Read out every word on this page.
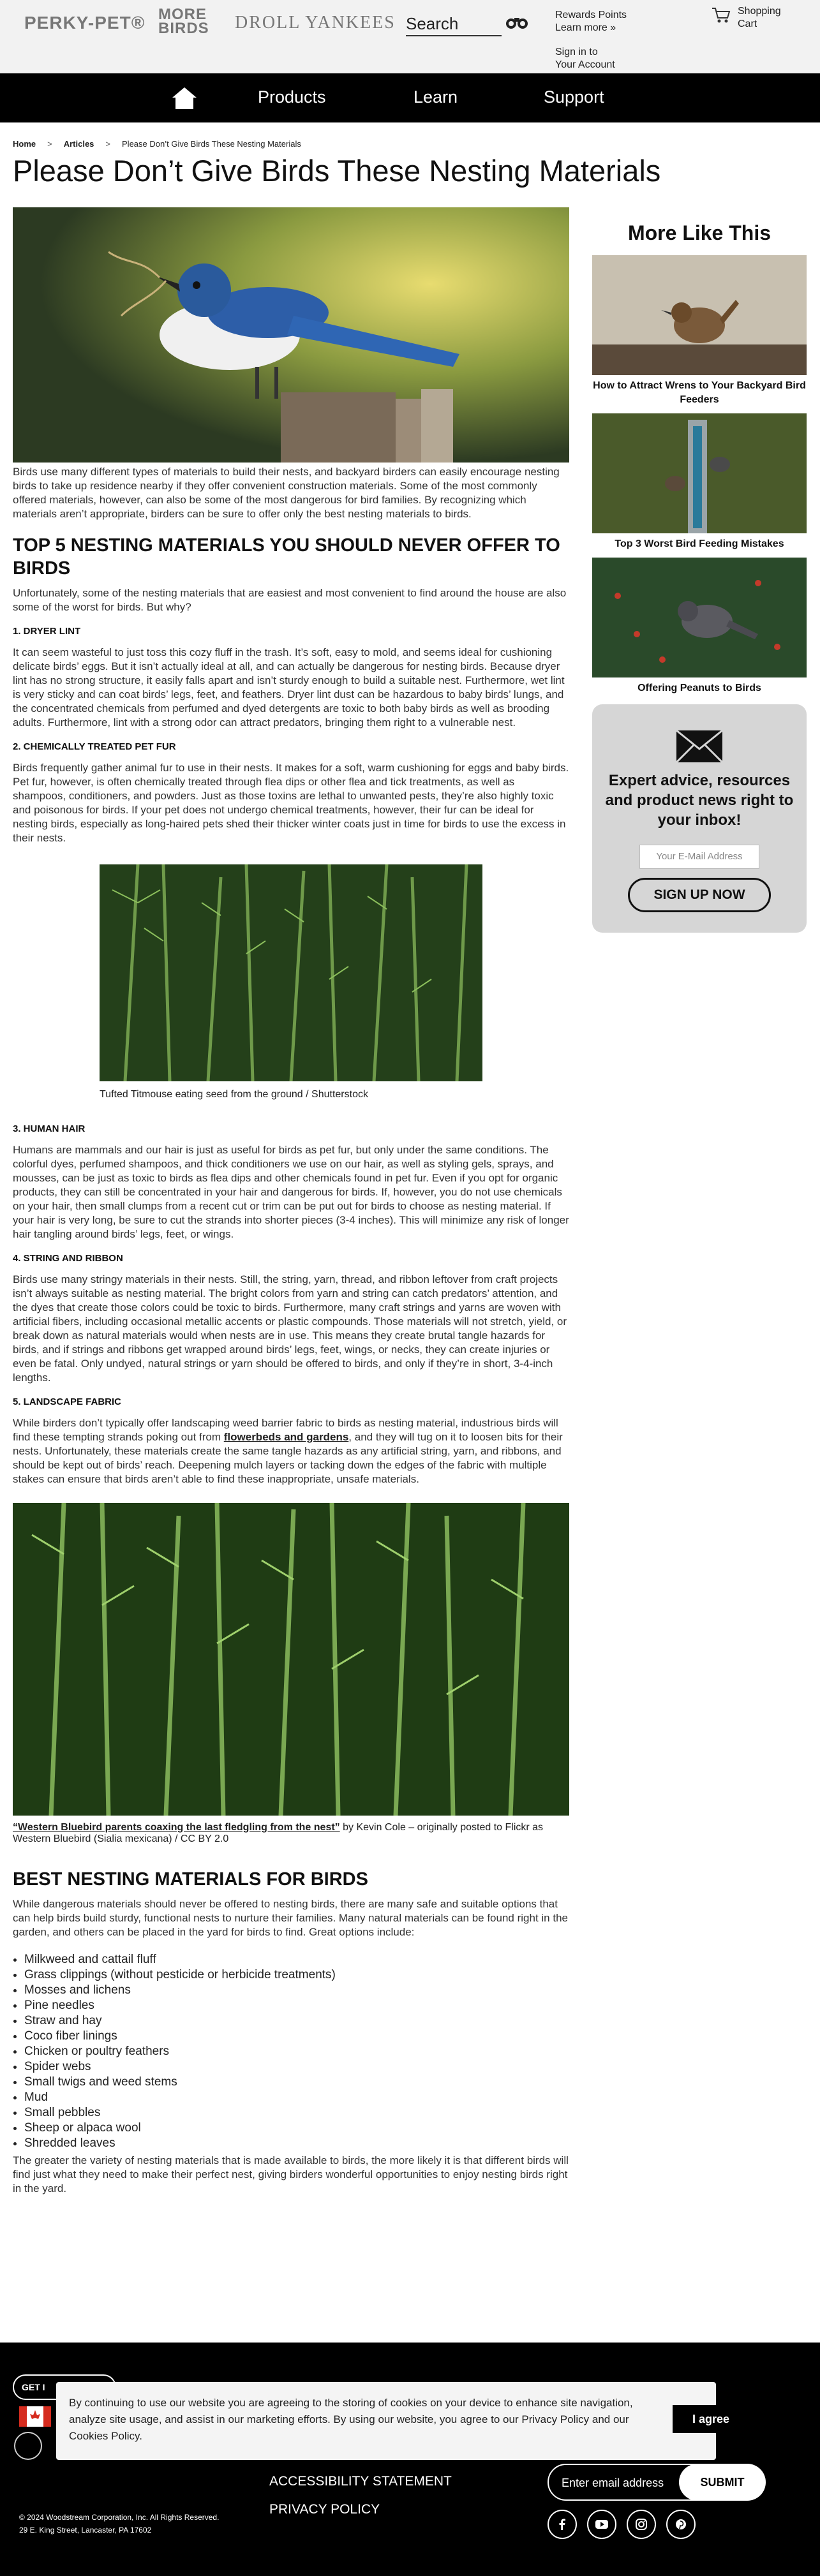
PERKY-PET® MORE BIRDS	DROLL YANKEES Search	Rewards Points
Learn more »
Sign in to
Your Account
Shopping
Cart
Products	Learn	Support
Home > Articles > Please Don’t Give Birds These Nesting Materials
Please Don’t Give Birds These Nesting Materials

Birds use many different types of materials to build their nests, and backyard birders can easily encourage nesting birds to take up residence nearby if they offer convenient construction materials. Some of the most commonly offered materials, however, can also be some of the most dangerous for bird families. By recognizing which materials aren’t appropriate, birders can be sure to offer only the best nesting materials to birds.

TOP 5 NESTING MATERIALS YOU SHOULD NEVER OFFER TO BIRDS

Unfortunately, some of the nesting materials that are easiest and most convenient to find around the house are also some of the worst for birds. But why?

1. DRYER LINT

It can seem wasteful to just toss this cozy fluff in the trash. It’s soft, easy to mold, and seems ideal for cushioning delicate birds’ eggs. But it isn’t actually ideal at all, and can actually be dangerous for nesting birds. Because dryer lint has no strong structure, it easily falls apart and isn’t sturdy enough to build a suitable nest. Furthermore, wet lint is very sticky and can coat birds’ legs, feet, and feathers. Dryer lint dust can be hazardous to baby birds’ lungs, and the concentrated chemicals from perfumed and dyed detergents are toxic to both baby birds as well as brooding adults. Furthermore, lint with a strong odor can attract predators, bringing them right to a vulnerable nest.

2. CHEMICALLY TREATED PET FUR

Birds frequently gather animal fur to use in their nests. It makes for a soft, warm cushioning for eggs and baby birds. Pet fur, however, is often chemically treated through flea dips or other flea and tick treatments, as well as shampoos, conditioners, and powders. Just as those toxins are lethal to unwanted pests, they’re also highly toxic and poisonous for birds. If your pet does not undergo chemical treatments, however, their fur can be ideal for nesting birds, especially as long-haired pets shed their thicker winter coats just in time for birds to use the excess in their nests.

Tufted Titmouse eating seed from the ground / Shutterstock
3. HUMAN HAIR

Humans are mammals and our hair is just as useful for birds as pet fur, but only under the same conditions. The colorful dyes, perfumed shampoos, and thick conditioners we use on our hair, as well as styling gels, sprays, and mousses, can be just as toxic to birds as flea dips and other chemicals found in pet fur. Even if you opt for organic products, they can still be concentrated in your hair and dangerous for birds. If, however, you do not use chemicals on your hair, then small clumps from a recent cut or trim can be put out for birds to choose as nesting material. If your hair is very long, be sure to cut the strands into shorter pieces (3-4 inches). This will minimize any risk of longer hair tangling around birds’ legs, feet, or wings.

4. STRING AND RIBBON

Birds use many stringy materials in their nests. Still, the string, yarn, thread, and ribbon leftover from craft projects isn’t always suitable as nesting material. The bright colors from yarn and string can catch predators’ attention, and the dyes that create those colors could be toxic to birds. Furthermore, many craft strings and yarns are woven with artificial fibers, including occasional metallic accents or plastic compounds. Those materials will not stretch, yield, or break down as natural materials would when nests are in use. This means they create brutal tangle hazards for birds, and if strings and ribbons get wrapped around birds’ legs, feet, wings, or necks, they can create injuries or even be fatal. Only undyed, natural strings or yarn should be offered to birds, and only if they’re in short, 3-4-inch lengths.

5. LANDSCAPE FABRIC

While birders don’t typically offer landscaping weed barrier fabric to birds as nesting material, industrious birds will find these tempting strands poking out from flowerbeds and gardens, and they will tug on it to loosen bits for their nests. Unfortunately, these materials create the same tangle hazards as any artificial string, yarn, and ribbons, and should be kept out of birds’ reach. Deepening mulch layers or tacking down the edges of the fabric with multiple stakes can ensure that birds aren’t able to find these inappropriate, unsafe materials.

“Western Bluebird parents coaxing the last fledgling from the nest” by Kevin Cole – originally posted to Flickr as Western Bluebird (Sialia mexicana) / CC BY 2.0
BEST NESTING MATERIALS FOR BIRDS

While dangerous materials should never be offered to nesting birds, there are many safe and suitable options that can help birds build sturdy, functional nests to nurture their families. Many natural materials can be found right in the garden, and others can be placed in the yard for birds to find. Great options include:

• Milkweed and cattail fluff
• Grass clippings (without pesticide or herbicide treatments)
• Mosses and lichens
• Pine needles
• Straw and hay
• Coco fiber linings
• Chicken or poultry feathers
• Spider webs
• Small twigs and weed stems
• Mud
• Small pebbles
• Sheep or alpaca wool
• Shredded leaves

The greater the variety of nesting materials that is made available to birds, the more likely it is that different birds will find just what they need to make their perfect nest, giving birders wonderful opportunities to enjoy nesting birds right in the yard.

More Like This
How to Attract Wrens to Your Backyard Bird Feeders
Top 3 Worst Bird Feeding Mistakes
Offering Peanuts to Birds
Expert advice, resources and product news right to your inbox!
Your E-Mail Address
SIGN UP NOW
GET I
ACCESSIBILITY STATEMENT
PRIVACY POLICY
Enter email address	SUBMIT
© 2024 Woodstream Corporation, Inc. All Rights Reserved.
29 E. King Street, Lancaster, PA 17602

By continuing to use our website you are agreeing to the storing of cookies on your device to enhance site navigation, analyze site usage, and assist in our marketing efforts. By using our website, you agree to our Privacy Policy and our Cookies Policy.

I agree
